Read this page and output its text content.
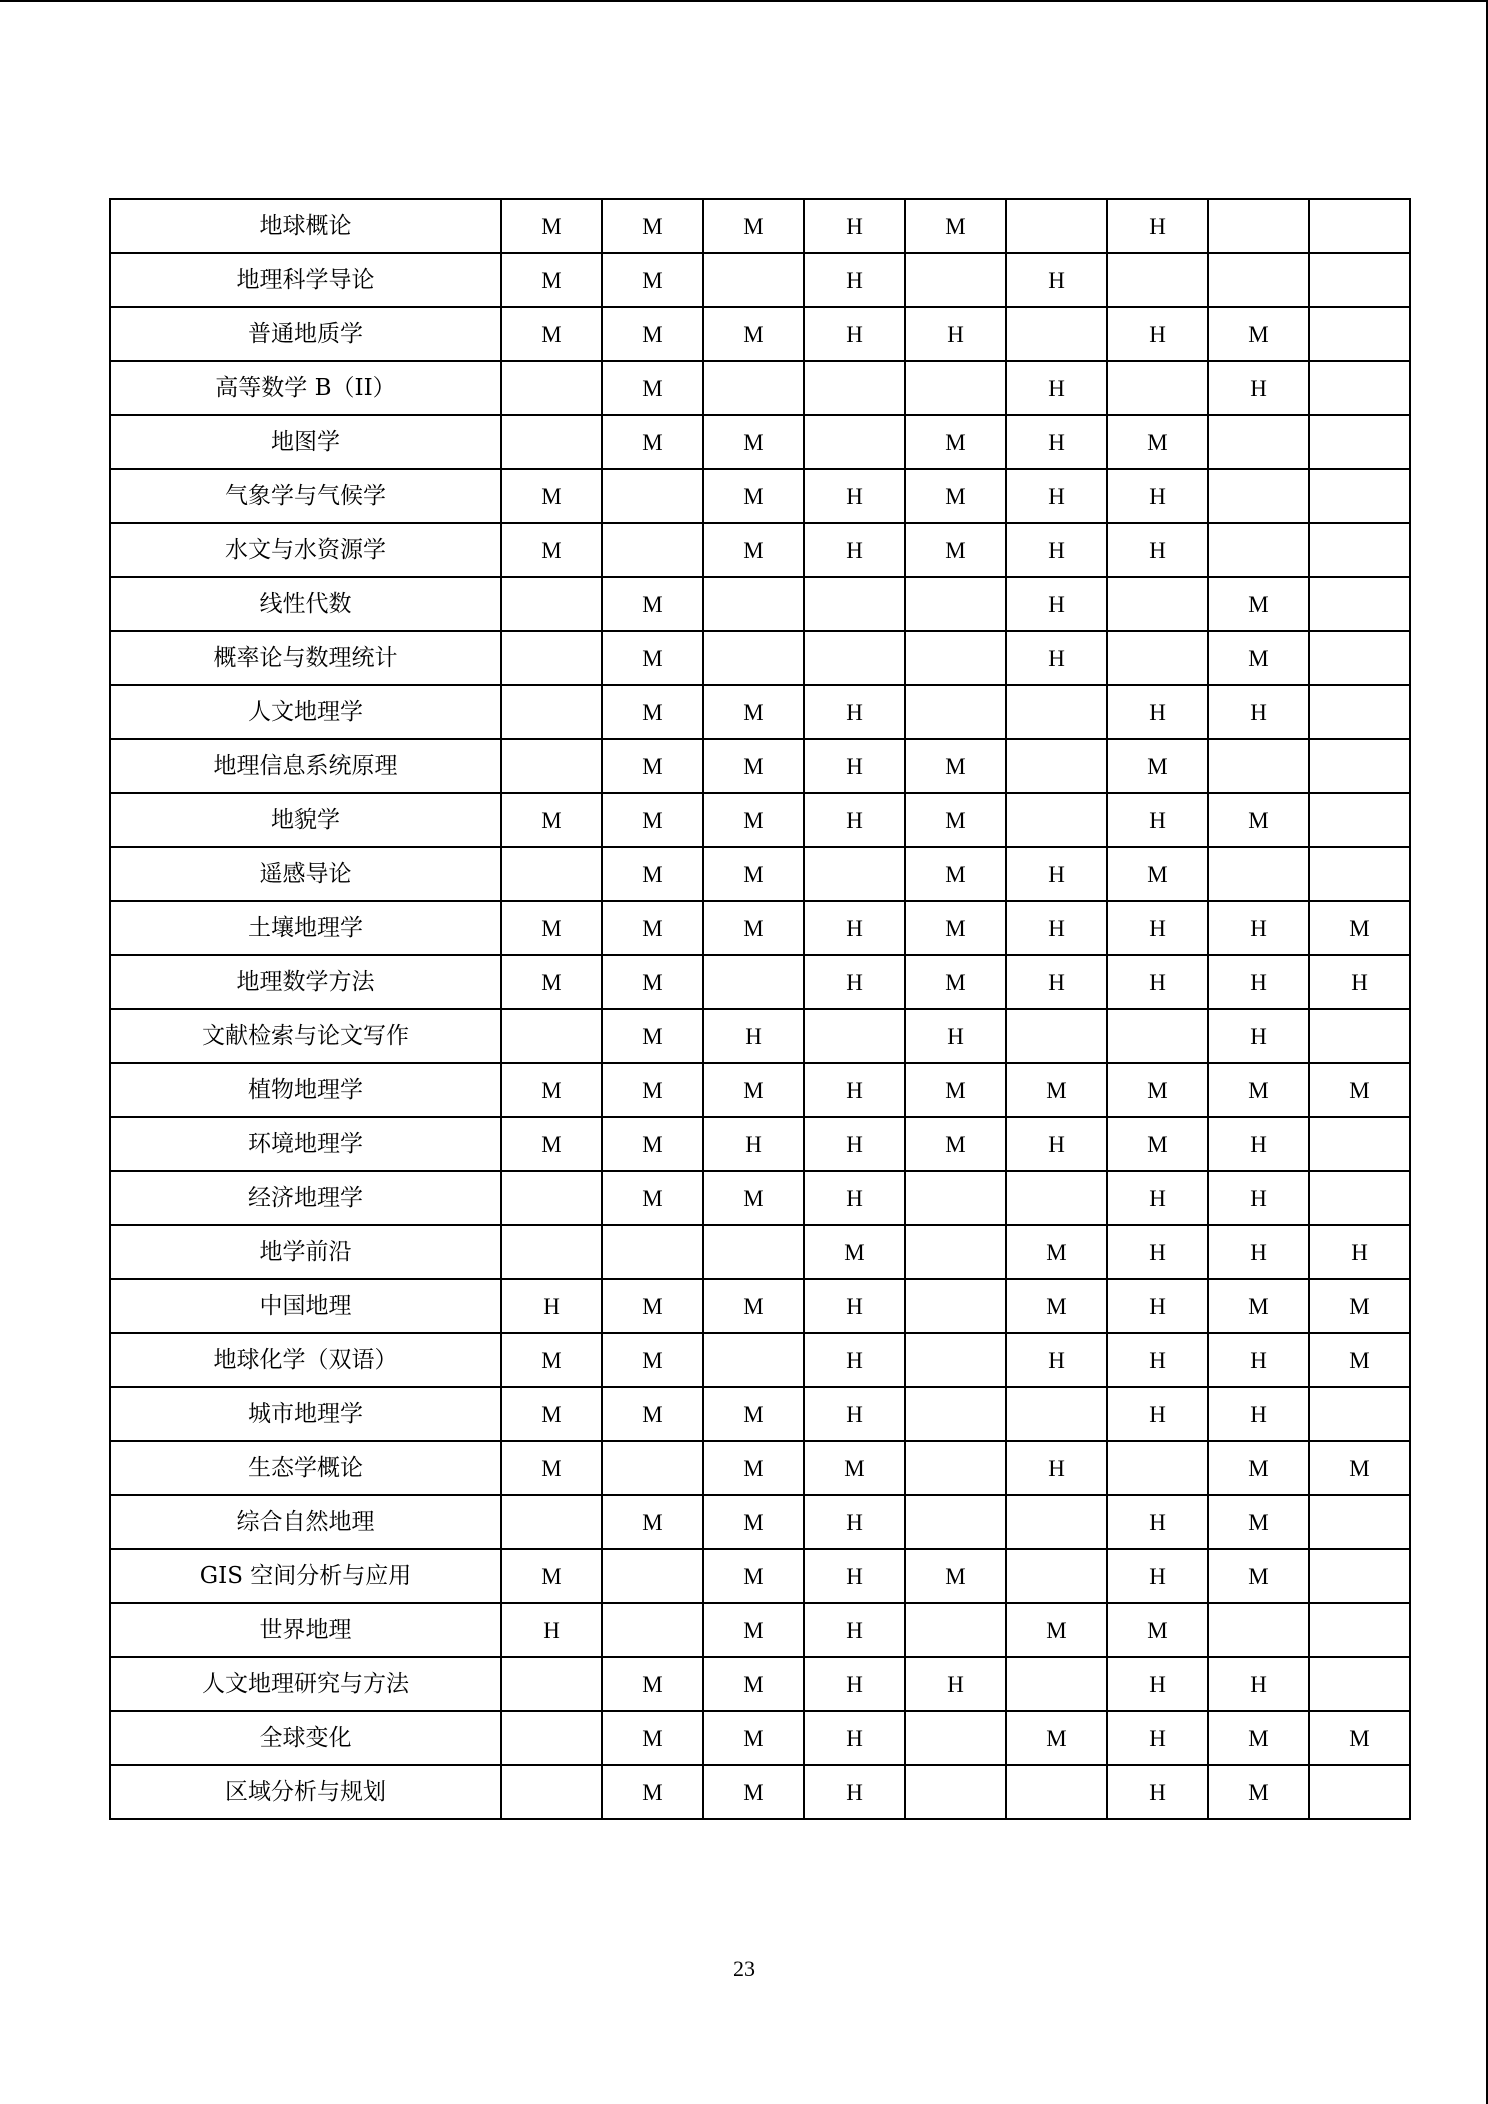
地球概论	M	M	M	H	M		H		
地理科学导论	M	M		H		H			
普通地质学	M	M	M	H	H		H	M	
高等数学 B（II）		M				H		H	
地图学		M	M		M	H	M		
气象学与气候学	M		M	H	M	H	H		
水文与水资源学	M		M	H	M	H	H		
线性代数		M				H		M	
概率论与数理统计		M				H		M	
人文地理学		M	M	H			H	H	
地理信息系统原理		M	M	H	M		M		
地貌学	M	M	M	H	M		H	M	
遥感导论		M	M		M	H	M		
土壤地理学	M	M	M	H	M	H	H	H	M
地理数学方法	M	M		H	M	H	H	H	H
文献检索与论文写作		M	H		H			H	
植物地理学	M	M	M	H	M	M	M	M	M
环境地理学	M	M	H	H	M	H	M	H	
经济地理学		M	M	H			H	H	
地学前沿				M		M	H	H	H
中国地理	H	M	M	H		M	H	M	M
地球化学（双语）	M	M		H		H	H	H	M
城市地理学	M	M	M	H			H	H	
生态学概论	M		M	M		H		M	M
综合自然地理		M	M	H			H	M	
GIS 空间分析与应用	M		M	H	M		H	M	
世界地理	H		M	H		M	M		
人文地理研究与方法		M	M	H	H		H	H	
全球变化		M	M	H		M	H	M	M
区域分析与规划		M	M	H			H	M	
23
